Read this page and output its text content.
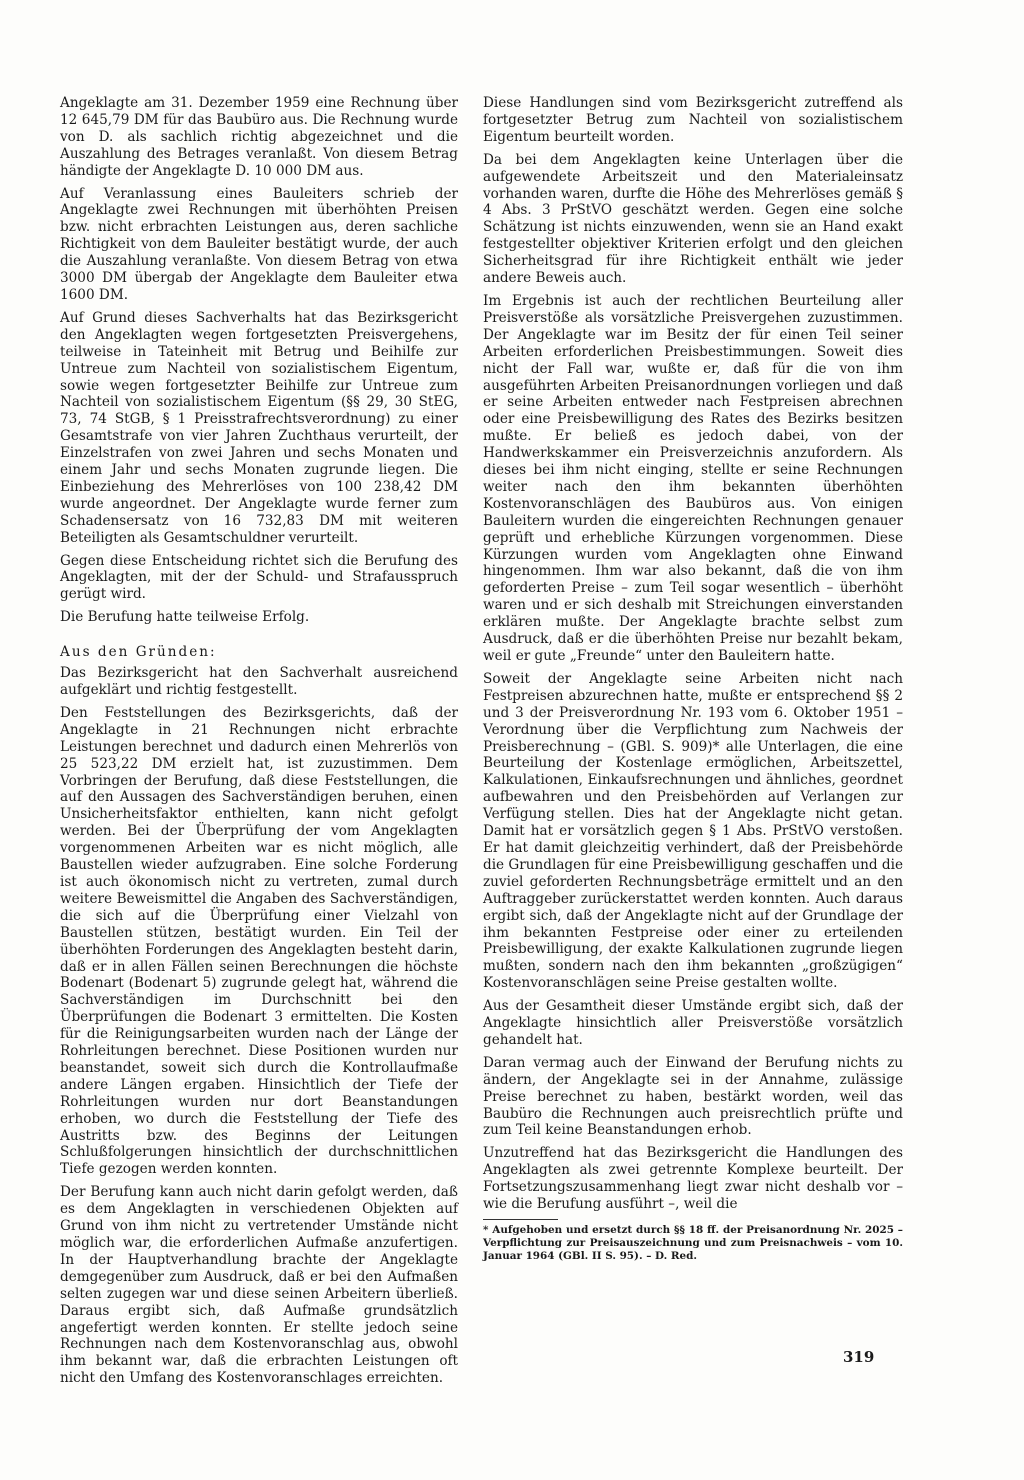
Angeklagte am 31. Dezember 1959 eine Rechnung über 12 645,79 DM für das Baubüro aus. Die Rechnung wurde von D. als sachlich richtig abgezeichnet und die Auszahlung des Betrages veranlaßt. Von diesem Betrag händigte der Angeklagte D. 10 000 DM aus.

Auf Veranlassung eines Bauleiters schrieb der Angeklagte zwei Rechnungen mit überhöhten Preisen bzw. nicht erbrachten Leistungen aus, deren sachliche Richtigkeit von dem Bauleiter bestätigt wurde, der auch die Auszahlung veranlaßte. Von diesem Betrag von etwa 3000 DM übergab der Angeklagte dem Bauleiter etwa 1600 DM.

Auf Grund dieses Sachverhalts hat das Bezirksgericht den Angeklagten wegen fortgesetzten Preisvergehens, teilweise in Tateinheit mit Betrug und Beihilfe zur Untreue zum Nachteil von sozialistischem Eigentum, sowie wegen fortgesetzter Beihilfe zur Untreue zum Nachteil von sozialistischem Eigentum (§§ 29, 30 StEG, 73, 74 StGB, § 1 Preisstrafrechtsverordnung) zu einer Gesamtstrafe von vier Jahren Zuchthaus verurteilt, der Einzelstrafen von zwei Jahren und sechs Monaten und einem Jahr und sechs Monaten zugrunde liegen. Die Einbeziehung des Mehrerlöses von 100 238,42 DM wurde angeordnet. Der Angeklagte wurde ferner zum Schadensersatz von 16 732,83 DM mit weiteren Beteiligten als Gesamtschuldner verurteilt.

Gegen diese Entscheidung richtet sich die Berufung des Angeklagten, mit der der Schuld- und Strafausspruch gerügt wird.

Die Berufung hatte teilweise Erfolg.

Aus den Gründen:

Das Bezirksgericht hat den Sachverhalt ausreichend aufgeklärt und richtig festgestellt.

Den Feststellungen des Bezirksgerichts, daß der Angeklagte in 21 Rechnungen nicht erbrachte Leistungen berechnet und dadurch einen Mehrerlös von 25 523,22 DM erzielt hat, ist zuzustimmen. Dem Vorbringen der Berufung, daß diese Feststellungen, die auf den Aussagen des Sachverständigen beruhen, einen Unsicherheitsfaktor enthielten, kann nicht gefolgt werden. Bei der Überprüfung der vom Angeklagten vorgenommenen Arbeiten war es nicht möglich, alle Baustellen wieder aufzugraben. Eine solche Forderung ist auch ökonomisch nicht zu vertreten, zumal durch weitere Beweismittel die Angaben des Sachverständigen, die sich auf die Überprüfung einer Vielzahl von Baustellen stützen, bestätigt wurden. Ein Teil der überhöhten Forderungen des Angeklagten besteht darin, daß er in allen Fällen seinen Berechnungen die höchste Bodenart (Bodenart 5) zugrunde gelegt hat, während die Sachverständigen im Durchschnitt bei den Überprüfungen die Bodenart 3 ermittelten. Die Kosten für die Reinigungsarbeiten wurden nach der Länge der Rohrleitungen berechnet. Diese Positionen wurden nur beanstandet, soweit sich durch die Kontrollaufmaße andere Längen ergaben. Hinsichtlich der Tiefe der Rohrleitungen wurden nur dort Beanstandungen erhoben, wo durch die Feststellung der Tiefe des Austritts bzw. des Beginns der Leitungen Schlußfolgerungen hinsichtlich der durchschnittlichen Tiefe gezogen werden konnten.

Der Berufung kann auch nicht darin gefolgt werden, daß es dem Angeklagten in verschiedenen Objekten auf Grund von ihm nicht zu vertretender Umstände nicht möglich war, die erforderlichen Aufmaße anzufertigen. In der Hauptverhandlung brachte der Angeklagte demgegenüber zum Ausdruck, daß er bei den Aufmaßen selten zugegen war und diese seinen Arbeitern überließ. Daraus ergibt sich, daß Aufmaße grundsätzlich angefertigt werden konnten. Er stellte jedoch seine Rechnungen nach dem Kostenvoranschlag aus, obwohl ihm bekannt war, daß die erbrachten Leistungen oft nicht den Umfang des Kostenvoranschlages erreichten.

Diese Handlungen sind vom Bezirksgericht zutreffend als fortgesetzter Betrug zum Nachteil von sozialistischem Eigentum beurteilt worden.

Da bei dem Angeklagten keine Unterlagen über die aufgewendete Arbeitszeit und den Materialeinsatz vorhanden waren, durfte die Höhe des Mehrerlöses gemäß § 4 Abs. 3 PrStVO geschätzt werden. Gegen eine solche Schätzung ist nichts einzuwenden, wenn sie an Hand exakt festgestellter objektiver Kriterien erfolgt und den gleichen Sicherheitsgrad für ihre Richtigkeit enthält wie jeder andere Beweis auch.

Im Ergebnis ist auch der rechtlichen Beurteilung aller Preisverstöße als vorsätzliche Preisvergehen zuzustimmen. Der Angeklagte war im Besitz der für einen Teil seiner Arbeiten erforderlichen Preisbestimmungen. Soweit dies nicht der Fall war, wußte er, daß für die von ihm ausgeführten Arbeiten Preisanordnungen vorliegen und daß er seine Arbeiten entweder nach Festpreisen abrechnen oder eine Preisbewilligung des Rates des Bezirks besitzen mußte. Er beließ es jedoch dabei, von der Handwerkskammer ein Preisverzeichnis anzufordern. Als dieses bei ihm nicht einging, stellte er seine Rechnungen weiter nach den ihm bekannten überhöhten Kostenvoranschlägen des Baubüros aus. Von einigen Bauleitern wurden die eingereichten Rechnungen genauer geprüft und erhebliche Kürzungen vorgenommen. Diese Kürzungen wurden vom Angeklagten ohne Einwand hingenommen. Ihm war also bekannt, daß die von ihm geforderten Preise – zum Teil sogar wesentlich – überhöht waren und er sich deshalb mit Streichungen einverstanden erklären mußte. Der Angeklagte brachte selbst zum Ausdruck, daß er die überhöhten Preise nur bezahlt bekam, weil er gute „Freunde“ unter den Bauleitern hatte.

Soweit der Angeklagte seine Arbeiten nicht nach Festpreisen abzurechnen hatte, mußte er entsprechend §§ 2 und 3 der Preisverordnung Nr. 193 vom 6. Oktober 1951 – Verordnung über die Verpflichtung zum Nachweis der Preisberechnung – (GBl. S. 909)* alle Unterlagen, die eine Beurteilung der Kostenlage ermöglichen, Arbeitszettel, Kalkulationen, Einkaufsrechnungen und ähnliches, geordnet aufbewahren und den Preisbehörden auf Verlangen zur Verfügung stellen. Dies hat der Angeklagte nicht getan. Damit hat er vorsätzlich gegen § 1 Abs. PrStVO verstoßen. Er hat damit gleichzeitig verhindert, daß der Preisbehörde die Grundlagen für eine Preisbewilligung geschaffen und die zuviel geforderten Rechnungsbeträge ermittelt und an den Auftraggeber zurückerstattet werden konnten. Auch daraus ergibt sich, daß der Angeklagte nicht auf der Grundlage der ihm bekannten Festpreise oder einer zu erteilenden Preisbewilligung, der exakte Kalkulationen zugrunde liegen mußten, sondern nach den ihm bekannten „großzügigen“ Kostenvoranschlägen seine Preise gestalten wollte.

Aus der Gesamtheit dieser Umstände ergibt sich, daß der Angeklagte hinsichtlich aller Preisverstöße vorsätzlich gehandelt hat.

Daran vermag auch der Einwand der Berufung nichts zu ändern, der Angeklagte sei in der Annahme, zulässige Preise berechnet zu haben, bestärkt worden, weil das Baubüro die Rechnungen auch preisrechtlich prüfte und zum Teil keine Beanstandungen erhob.

Unzutreffend hat das Bezirksgericht die Handlungen des Angeklagten als zwei getrennte Komplexe beurteilt. Der Fortsetzungszusammenhang liegt zwar nicht deshalb vor – wie die Berufung ausführt –, weil die

* Aufgehoben und ersetzt durch §§ 18 ff. der Preisanordnung Nr. 2025 – Verpflichtung zur Preisauszeichnung und zum Preisnachweis – vom 10. Januar 1964 (GBl. II S. 95). – D. Red.

319
